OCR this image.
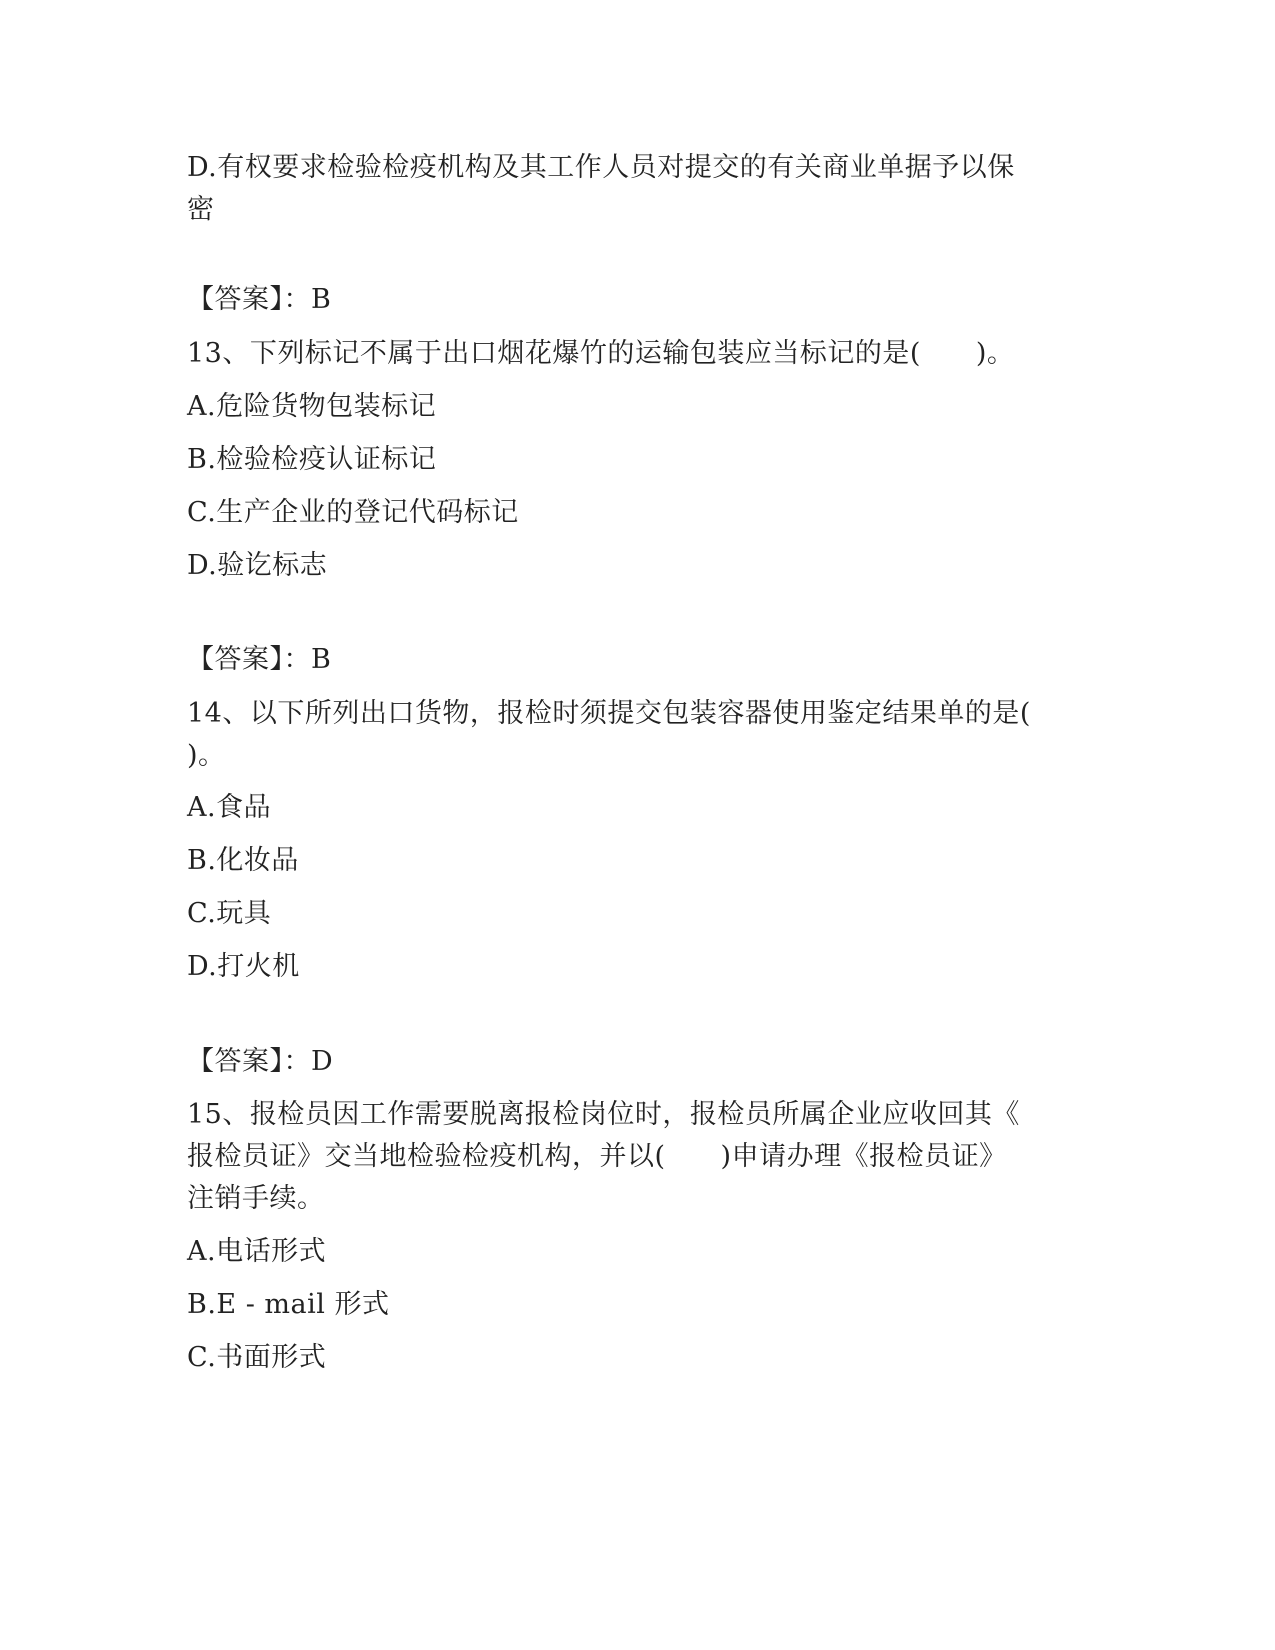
D.有权要求检验检疫机构及其工作人员对提交的有关商业单据予以保
密
【答案】：B
13、下列标记不属于出口烟花爆竹的运输包装应当标记的是(　　)。
A.危险货物包装标记
B.检验检疫认证标记
C.生产企业的登记代码标记
D.验讫标志
【答案】：B
14、以下所列出口货物，报检时须提交包装容器使用鉴定结果单的是(
)。
A.食品
B.化妆品
C.玩具
D.打火机
【答案】：D
15、报检员因工作需要脱离报检岗位时，报检员所属企业应收回其《
报检员证》交当地检验检疫机构，并以(　　)申请办理《报检员证》
注销手续。
A.电话形式
B.E - mail 形式
C.书面形式
